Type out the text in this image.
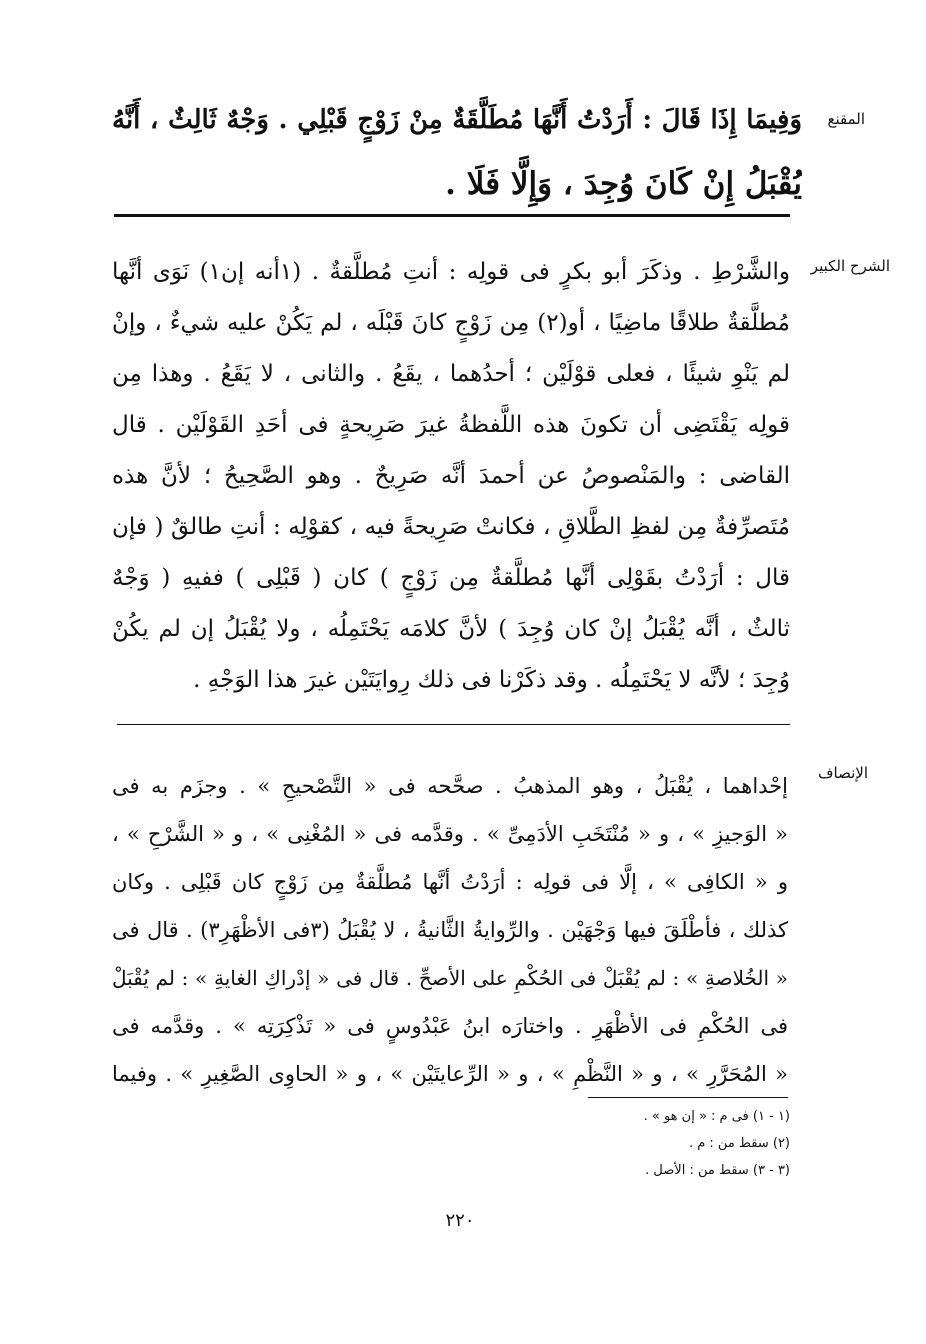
المقنع
وَفِيمَا إِذَا قَالَ : أَرَدْتُ أَنَّهَا مُطَلَّقَةٌ مِنْ زَوْجٍ قَبْلِي . وَجْهٌ ثَالِثٌ ، أَنَّهُ
يُقْبَلُ إِنْ كَانَ وُجِدَ ، وَإِلَّا فَلَا .
الشرح الكبير
والشَّرْطِ . وذكَرَ أبو بكرٍ فى قولِه : أنتِ مُطلَّقةٌ . (١أنه إن١) نَوَى أنَّها
مُطلَّقةٌ طلاقًا ماضِيًا ، أو(٢) مِن زَوْجٍ كانَ قَبْلَه ، لم يَكُنْ عليه شيءٌ ، وإنْ
لم يَنْوِ شيئًا ، فعلى قوْلَيْن ؛ أحدُهما ، يقَعُ . والثانى ، لا يَقَعُ . وهذا مِن
قولِه يَقْتَضِى أن تكونَ هذه اللَّفظةُ غيرَ صَرِيحةٍ فى أحَدِ القَوْلَيْن . قال
القاضى : والمَنْصوصُ عن أحمدَ أنَّه صَرِيحٌ . وهو الصَّحِيحُ ؛ لأنَّ هذه
مُتَصرِّفةٌ مِن لفظِ الطَّلاقِ ، فكانتْ صَرِيحةً فيه ، كقوْلِه : أنتِ طالقٌ ( فإن
قال : أرَدْتُ بقَوْلِى أنَّها مُطلَّقةٌ مِن زَوْجٍ ) كان ( قَبْلِى ) ففيهِ ( وَجْهٌ
ثالثٌ ، أنَّه يُقْبَلُ إنْ كان وُجِدَ ) لأنَّ كلامَه يَحْتَمِلُه ، ولا يُقْبَلُ إن لم يكُنْ
وُجِدَ ؛ لأنَّه لا يَحْتَمِلُه . وقد ذكَرْنا فى ذلك رِوايَتَيْن غيرَ هذا الوَجْهِ .
الإنصاف
إحْداهما ، يُقْبَلُ ، وهو المذهبُ . صحَّحه فى « التَّصْحيحِ » . وجزَم به فى
« الوَجيزِ » ، و « مُنْتَخَبِ الأدَمِىِّ » . وقدَّمه فى « المُغْنِى » ، و « الشَّرْحِ » ،
و « الكافِى » ، إلَّا فى قولِه : أرَدْتُ أنَّها مُطلَّقةٌ مِن زَوْجٍ كان قَبْلِى . وكان
كذلك ، فأطْلَقَ فيها وَجْهَيْن . والرِّوايةُ الثَّانيةُ ، لا يُقْبَلُ (٣فى الأظْهَرِ٣) . قال فى
« الخُلاصةِ » : لم يُقْبَلْ فى الحُكْمِ على الأصحِّ . قال فى « إدْراكِ الغايةِ » : لم يُقْبَلْ
فى الحُكْمِ فى الأظْهَرِ . واختارَه ابنُ عَبْدُوسٍ فى « تَذْكِرَتِه » . وقدَّمه فى
« المُحَرَّرِ » ، و « النَّظْمِ » ، و « الرِّعايتَيْن » ، و « الحاوِى الصَّغِيرِ » . وفيما
(١ - ١) فى م : « إن هو » .
(٢) سقط من : م .
(٣ - ٣) سقط من : الأصل .
٢٢٠
